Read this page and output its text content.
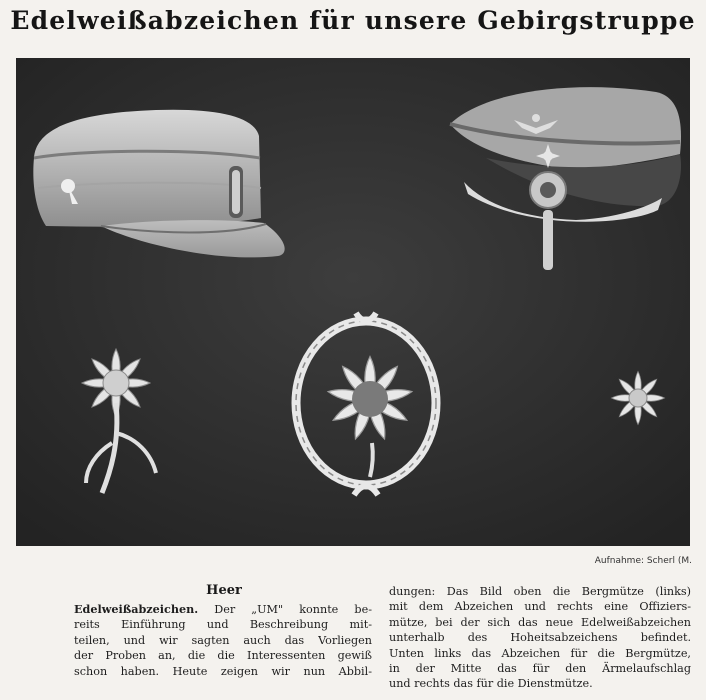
Edelweißabzeichen für unsere Gebirgstruppe
Aufnahme: Scherl (M.
Heer
Edelweißabzeichen. Der „UM" konnte be-
reits Einführung und Beschreibung mit-
teilen, und wir sagten auch das Vorliegen
der Proben an, die die Interessenten gewiß
schon haben. Heute zeigen wir nun Abbil-
dungen: Das Bild oben die Bergmütze (links)
mit dem Abzeichen und rechts eine Offiziers-
mütze, bei der sich das neue Edelweißabzeichen
unterhalb des Hoheitsabzeichens befindet.
Unten links das Abzeichen für die Bergmütze,
in der Mitte das für den Ärmelaufschlag
und rechts das für die Dienstmütze.
